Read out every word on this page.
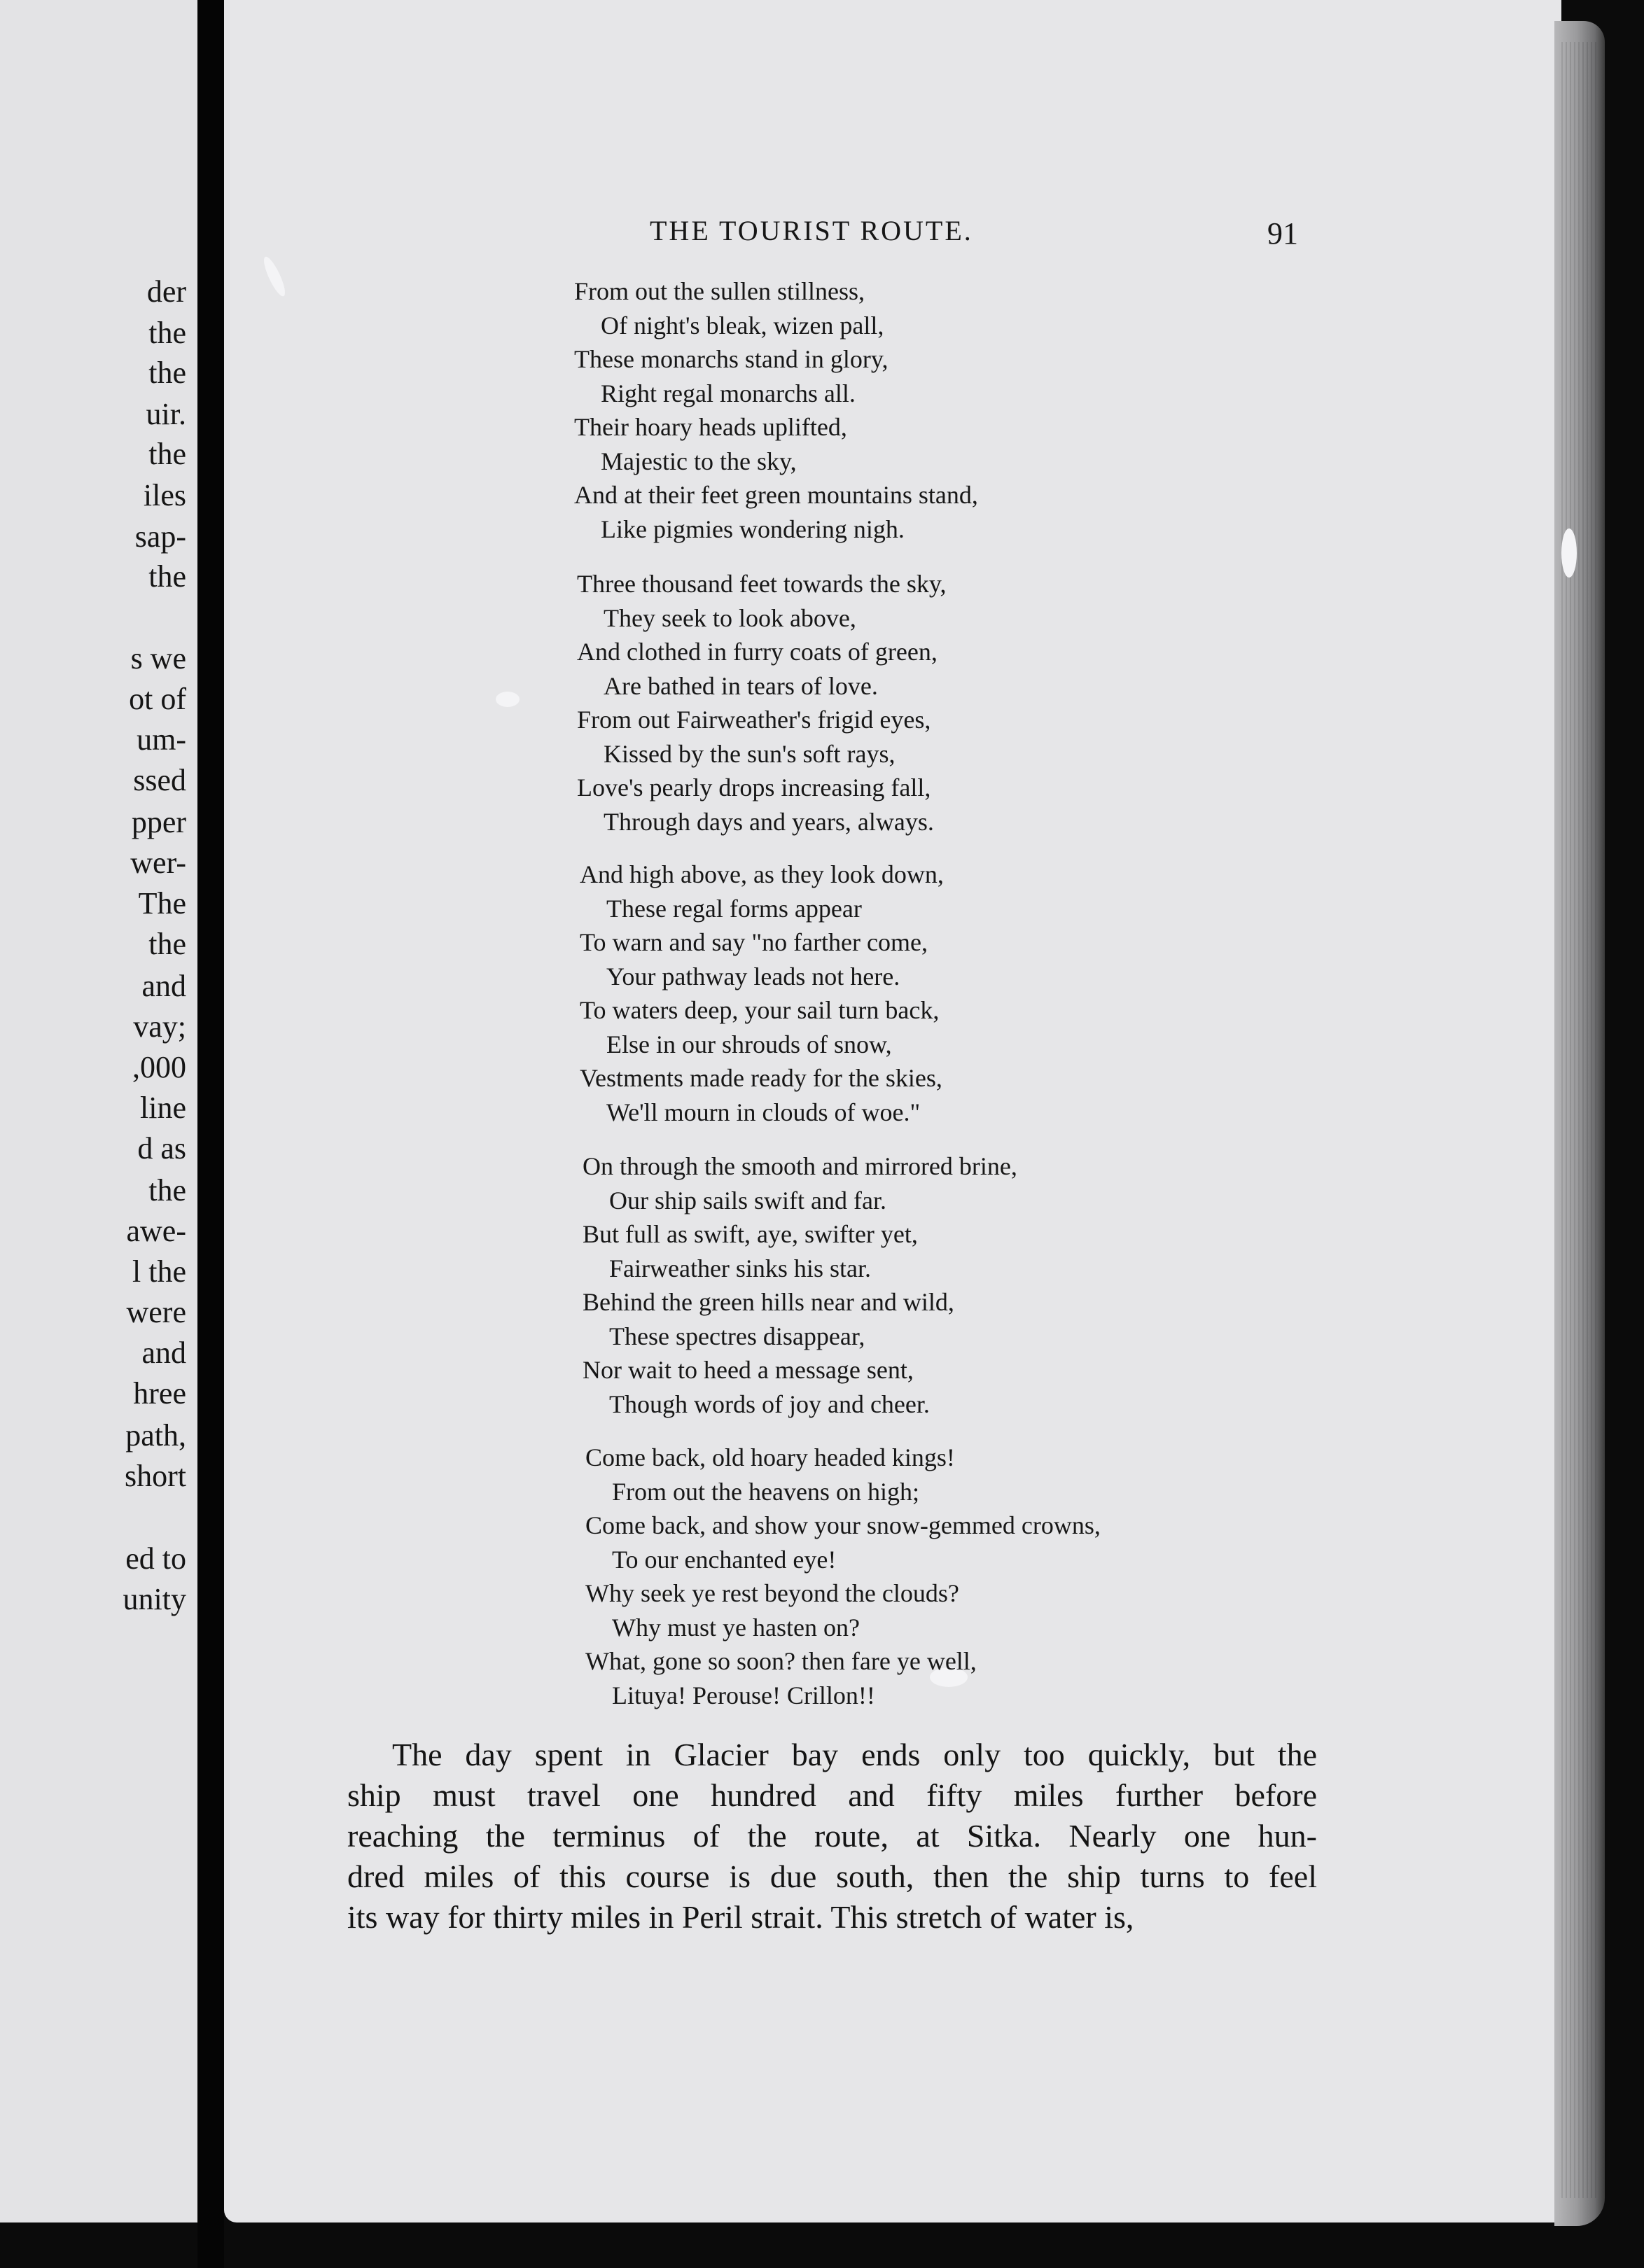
der

the

the

uir.

the

iles

sap-

the

s we

ot of

um-

ssed

pper

wer-

The

the

and

vay;

,000

line

d as

the

awe-

l the

were

and

hree

path,

short

ed to

unity

THE TOURIST ROUTE.	91

From out the sullen stillness,

Of night's bleak, wizen pall,

These monarchs stand in glory,

Right regal monarchs all.

Their hoary heads uplifted,

Majestic to the sky,

And at their feet green mountains stand,

Like pigmies wondering nigh.

Three thousand feet towards the sky,

They seek to look above,

And clothed in furry coats of green,

Are bathed in tears of love.

From out Fairweather's frigid eyes,

Kissed by the sun's soft rays,

Love's pearly drops increasing fall,

Through days and years, always.

And high above, as they look down,

These regal forms appear

To warn and say "no farther come,

Your pathway leads not here.

To waters deep, your sail turn back,

Else in our shrouds of snow,

Vestments made ready for the skies,

We'll mourn in clouds of woe."

On through the smooth and mirrored brine,

Our ship sails swift and far.

But full as swift, aye, swifter yet,

Fairweather sinks his star.

Behind the green hills near and wild,

These spectres disappear,

Nor wait to heed a message sent,

Though words of joy and cheer.

Come back, old hoary headed kings!

From out the heavens on high;

Come back, and show your snow-gemmed crowns,

To our enchanted eye!

Why seek ye rest beyond the clouds?

Why must ye hasten on?

What, gone so soon? then fare ye well,

Lituya! Perouse! Crillon!!

The day spent in Glacier bay ends only too quickly, but the

ship must travel one hundred and fifty miles further before

reaching the terminus of the route, at Sitka. Nearly one hun-

dred miles of this course is due south, then the ship turns to feel

its way for thirty miles in Peril strait. This stretch of water is,
